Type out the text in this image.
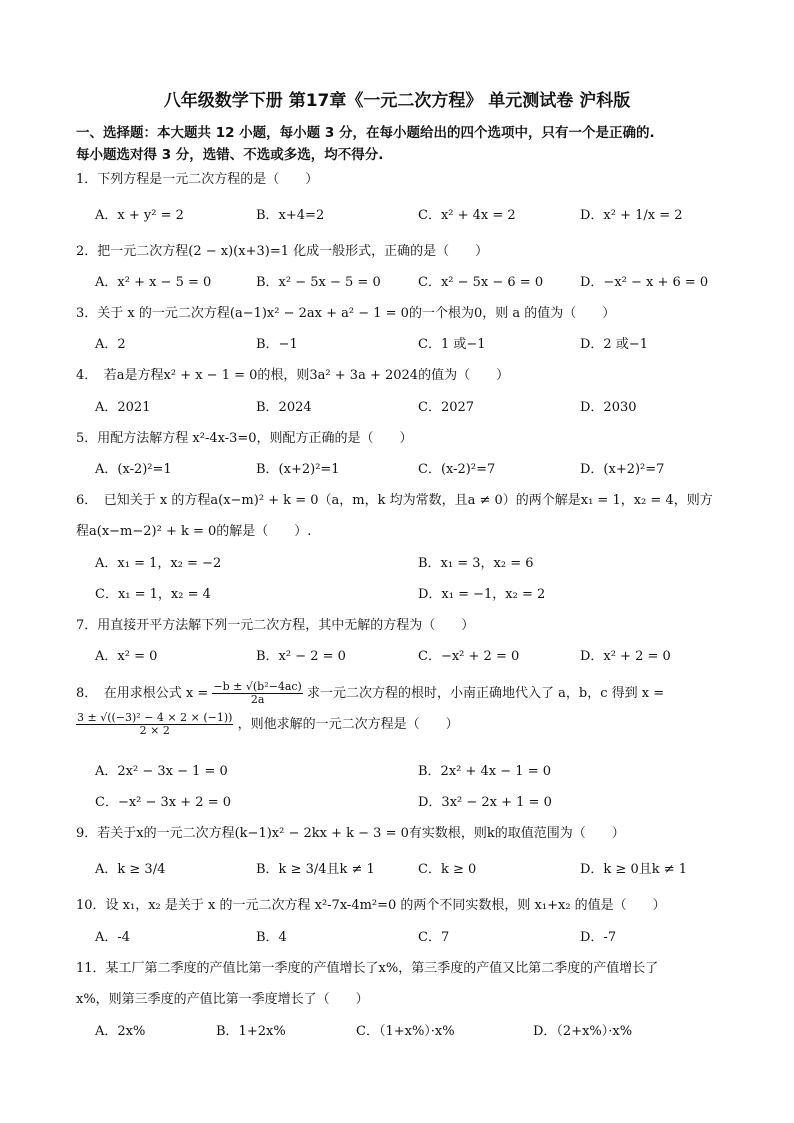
八年级数学下册 第17章《一元二次方程》 单元测试卷 沪科版
一、选择题：本大题共 12 小题，每小题 3 分，在每小题给出的四个选项中，只有一个是正确的.
每小题选对得 3 分，选错、不选或多选，均不得分.
1．下列方程是一元二次方程的是（　　）
A．x + y² = 2	B．x+4=2	C．x² + 4x = 2	D．x² + 1/x = 2
2．把一元二次方程(2 − x)(x+3)=1 化成一般形式，正确的是（　　）
A．x² + x − 5 = 0	B．x² − 5x − 5 = 0	C．x² − 5x − 6 = 0	D．−x² − x + 6 = 0
3．关于 x 的一元二次方程(a−1)x² − 2ax + a² − 1 = 0的一个根为0，则 a 的值为（　　）
A．2	B．−1	C．1 或−1	D．2 或−1
4．　若a是方程x² + x − 1 = 0的根，则3a² + 3a + 2024的值为（　　）
A．2021	B．2024	C．2027	D．2030
5．用配方法解方程 x²-4x-3=0，则配方正确的是（　　）
A．(x-2)²=1	B．(x+2)²=1	C．(x-2)²=7	D．(x+2)²=7
6．　已知关于 x 的方程a(x−m)² + k = 0（a，m，k 均为常数，且a ≠ 0）的两个解是x₁ = 1，x₂ = 4，则方
程a(x−m−2)² + k = 0的解是（　　）.
A．x₁ = 1，x₂ = −2	B．x₁ = 3，x₂ = 6
C．x₁ = 1，x₂ = 4	D．x₁ = −1，x₂ = 2
7．用直接开平方法解下列一元二次方程，其中无解的方程为（　　）
A．x² = 0	B．x² − 2 = 0	C．−x² + 2 = 0	D．x² + 2 = 0
8．　在用求根公式 $x = \frac{\text{−b ± √(b²−4ac)}}{2a}$ 求一元二次方程的根时，小南正确地代入了 a，b，c 得到 x =
$\frac{\text{3 ± √((−3)² − 4 × 2 × (−1))}}{2 \times 2}$ ，则他求解的一元二次方程是（　　）
A．2x² − 3x − 1 = 0	B．2x² + 4x − 1 = 0
C．−x² − 3x + 2 = 0	D．3x² − 2x + 1 = 0
9．若关于x的一元二次方程(k−1)x² − 2kx + k − 3 = 0有实数根，则k的取值范围为（　　）
A．k ≥ 3/4	B．k ≥ 3/4且k ≠ 1	C．k ≥ 0	D．k ≥ 0且k ≠ 1
10．设 x₁，x₂ 是关于 x 的一元二次方程 x²-7x-4m²=0 的两个不同实数根，则 x₁+x₂ 的值是（　　）
A．-4	B．4	C．7	D．-7
11．某工厂第二季度的产值比第一季度的产值增长了x%，第三季度的产值又比第二季度的产值增长了
x%，则第三季度的产值比第一季度增长了（　　）
A．2x%	B．1+2x%	C．（1+x%）·x%	D．（2+x%）·x%
